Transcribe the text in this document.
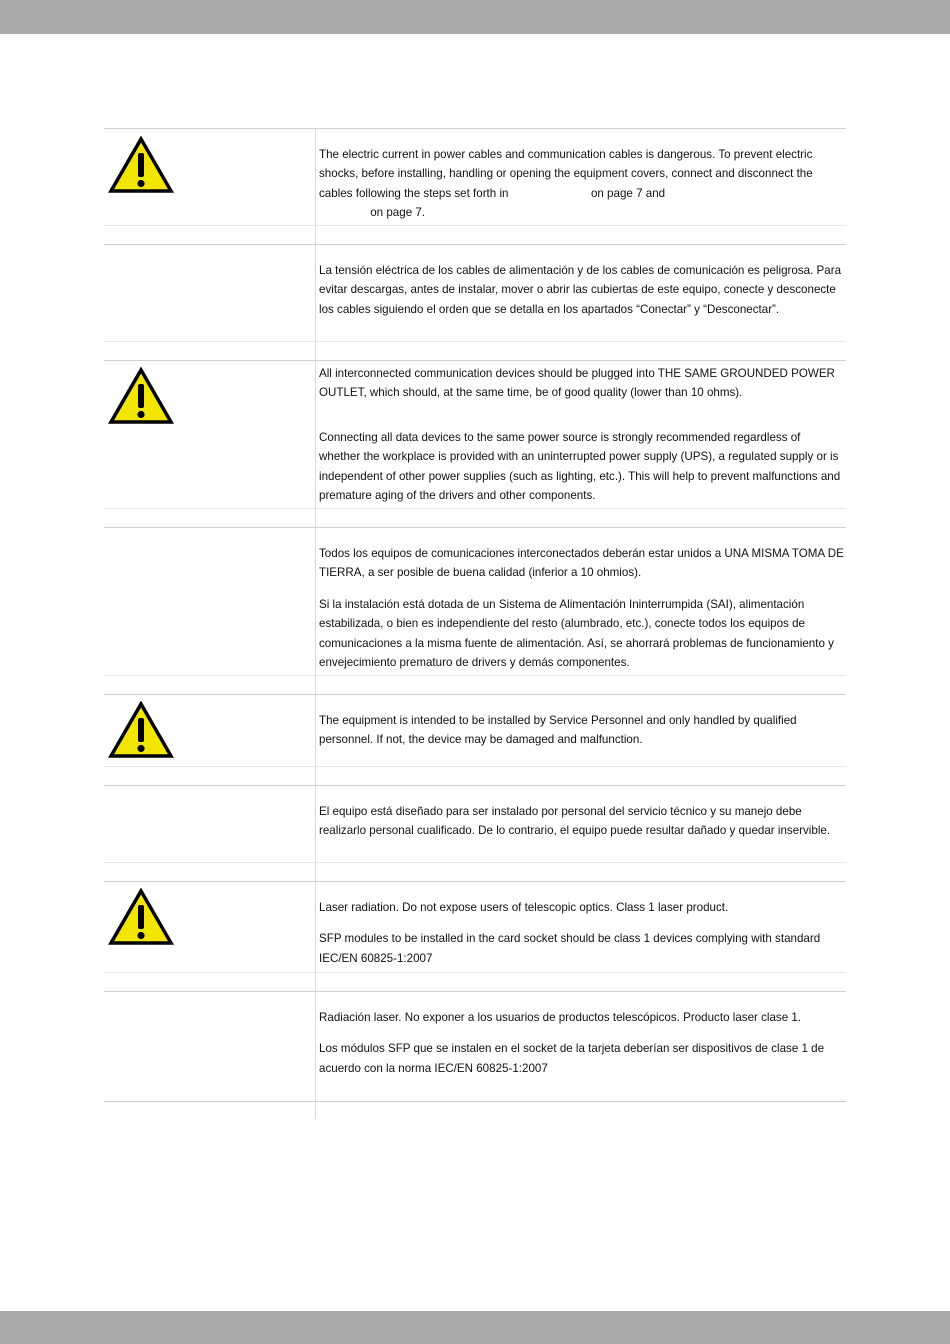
The electric current in power cables and communication cables is dangerous. To prevent electric shocks, before installing, handling or opening the equipment covers, connect and disconnect the cables following the steps set forth in	on page 7 and
on page 7.

La tensión eléctrica de los cables de alimentación y de los cables de comunicación es peligrosa. Para evitar descargas, antes de instalar, mover o abrir las cubiertas de este equipo, conecte y desconecte los cables siguiendo el orden que se detalla en los apartados “Conectar” y “Desconectar”.

All interconnected communication devices should be plugged into THE SAME GROUNDED POWER OUTLET, which should, at the same time, be of good quality (lower than 10 ohms).

Connecting all data devices to the same power source is strongly recommended regardless of whether the workplace is provided with an uninterrupted power supply (UPS), a regulated supply or is independent of other power supplies (such as lighting, etc.). This will help to prevent malfunctions and premature aging of the drivers and other components.

Todos los equipos de comunicaciones interconectados deberán estar unidos a UNA MISMA TOMA DE TIERRA, a ser posible de buena calidad (inferior a 10 ohmios).

Si la instalación está dotada de un Sistema de Alimentación Ininterrumpida (SAI), alimentación estabilizada, o bien es independiente del resto (alumbrado, etc.), conecte todos los equipos de comunicaciones a la misma fuente de alimentación. Así, se ahorrará problemas de funcionamiento y envejecimiento prematuro de drivers y demás componentes.

The equipment is intended to be installed by Service Personnel and only handled by qualified personnel. If not, the device may be damaged and malfunction.

El equipo está diseñado para ser instalado por personal del servicio técnico y su manejo debe realizarlo personal cualificado. De lo contrario, el equipo puede resultar dañado y quedar inservible.

Laser radiation. Do not expose users of telescopic optics. Class 1 laser product.

SFP modules to be installed in the card socket should be class 1 devices complying with standard IEC/EN 60825-1:2007

Radiación laser. No exponer a los usuarios de productos telescópicos. Producto laser clase 1.

Los módulos SFP que se instalen en el socket de la tarjeta deberían ser dispositivos de clase 1 de acuerdo con la norma IEC/EN 60825-1:2007
